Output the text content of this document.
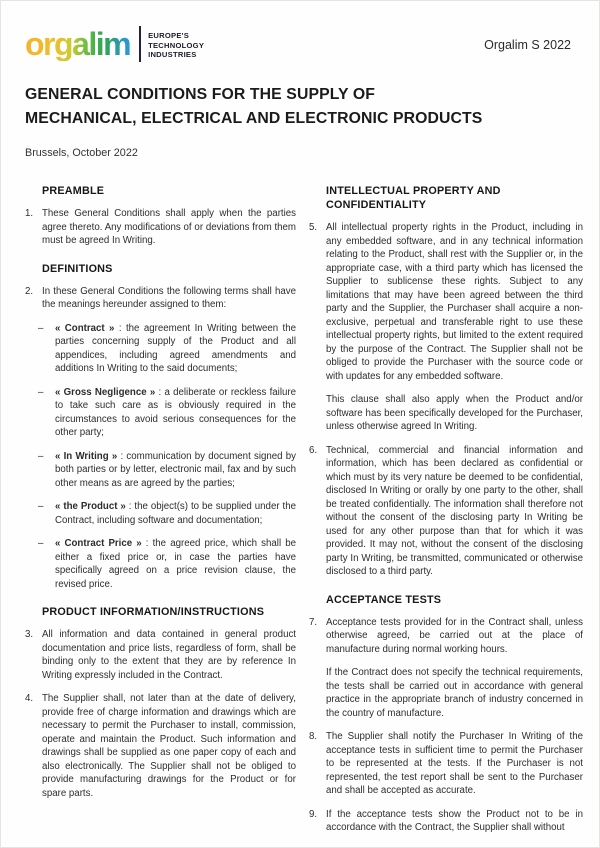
orgalim EUROPE'S
TECHNOLOGY
INDUSTRIES
Orgalim S 2022
GENERAL CONDITIONS FOR THE SUPPLY OF
MECHANICAL, ELECTRICAL AND ELECTRONIC PRODUCTS
Brussels, October 2022
PREAMBLE
1. These General Conditions shall apply when the parties agree thereto. Any modifications of or deviations from them must be agreed In Writing.

DEFINITIONS
2. In these General Conditions the following terms shall have the meanings hereunder assigned to them:

–	« Contract » : the agreement In Writing between the parties concerning supply of the Product and all appendices, including agreed amendments and additions In Writing to the said documents;

–	« Gross Negligence » : a deliberate or reckless failure to take such care as is obviously required in the circumstances to avoid serious consequences for the other party;

–	« In Writing » : communication by document signed by both parties or by letter, electronic mail, fax and by such other means as are agreed by the parties;

–	« the Product » : the object(s) to be supplied under the Contract, including software and documentation;

–	« Contract Price » : the agreed price, which shall be either a fixed price or, in case the parties have specifically agreed on a price revision clause, the revised price.

PRODUCT INFORMATION/INSTRUCTIONS
3. All information and data contained in general product documentation and price lists, regardless of form, shall be binding only to the extent that they are by reference In Writing expressly included in the Contract.

4. The Supplier shall, not later than at the date of delivery, provide free of charge information and drawings which are necessary to permit the Purchaser to install, commission, operate and maintain the Product. Such information and drawings shall be supplied as one paper copy of each and also electronically. The Supplier shall not be obliged to provide manufacturing drawings for the Product or for spare parts.

INTELLECTUAL PROPERTY AND CONFIDENTIALITY
5. All intellectual property rights in the Product, including in any embedded software, and in any technical information relating to the Product, shall rest with the Supplier or, in the appropriate case, with a third party which has licensed the Supplier to sublicense these rights. Subject to any limitations that may have been agreed between the third party and the Supplier, the Purchaser shall acquire a non-exclusive, perpetual and transferable right to use these intellectual property rights, but limited to the extent required by the purpose of the Contract. The Supplier shall not be obliged to provide the Purchaser with the source code or with updates for any embedded software.

This clause shall also apply when the Product and/or software has been specifically developed for the Purchaser, unless otherwise agreed In Writing.

6. Technical, commercial and financial information and information, which has been declared as confidential or which must by its very nature be deemed to be confidential, disclosed In Writing or orally by one party to the other, shall be treated confidentially. The information shall therefore not without the consent of the disclosing party In Writing be used for any other purpose than that for which it was provided. It may not, without the consent of the disclosing party In Writing, be transmitted, communicated or otherwise disclosed to a third party.

ACCEPTANCE TESTS
7. Acceptance tests provided for in the Contract shall, unless otherwise agreed, be carried out at the place of manufacture during normal working hours.

If the Contract does not specify the technical requirements, the tests shall be carried out in accordance with general practice in the appropriate branch of industry concerned in the country of manufacture.

8. The Supplier shall notify the Purchaser In Writing of the acceptance tests in sufficient time to permit the Purchaser to be represented at the tests. If the Purchaser is not represented, the test report shall be sent to the Purchaser and shall be accepted as accurate.

9. If the acceptance tests show the Product not to be in accordance with the Contract, the Supplier shall without
